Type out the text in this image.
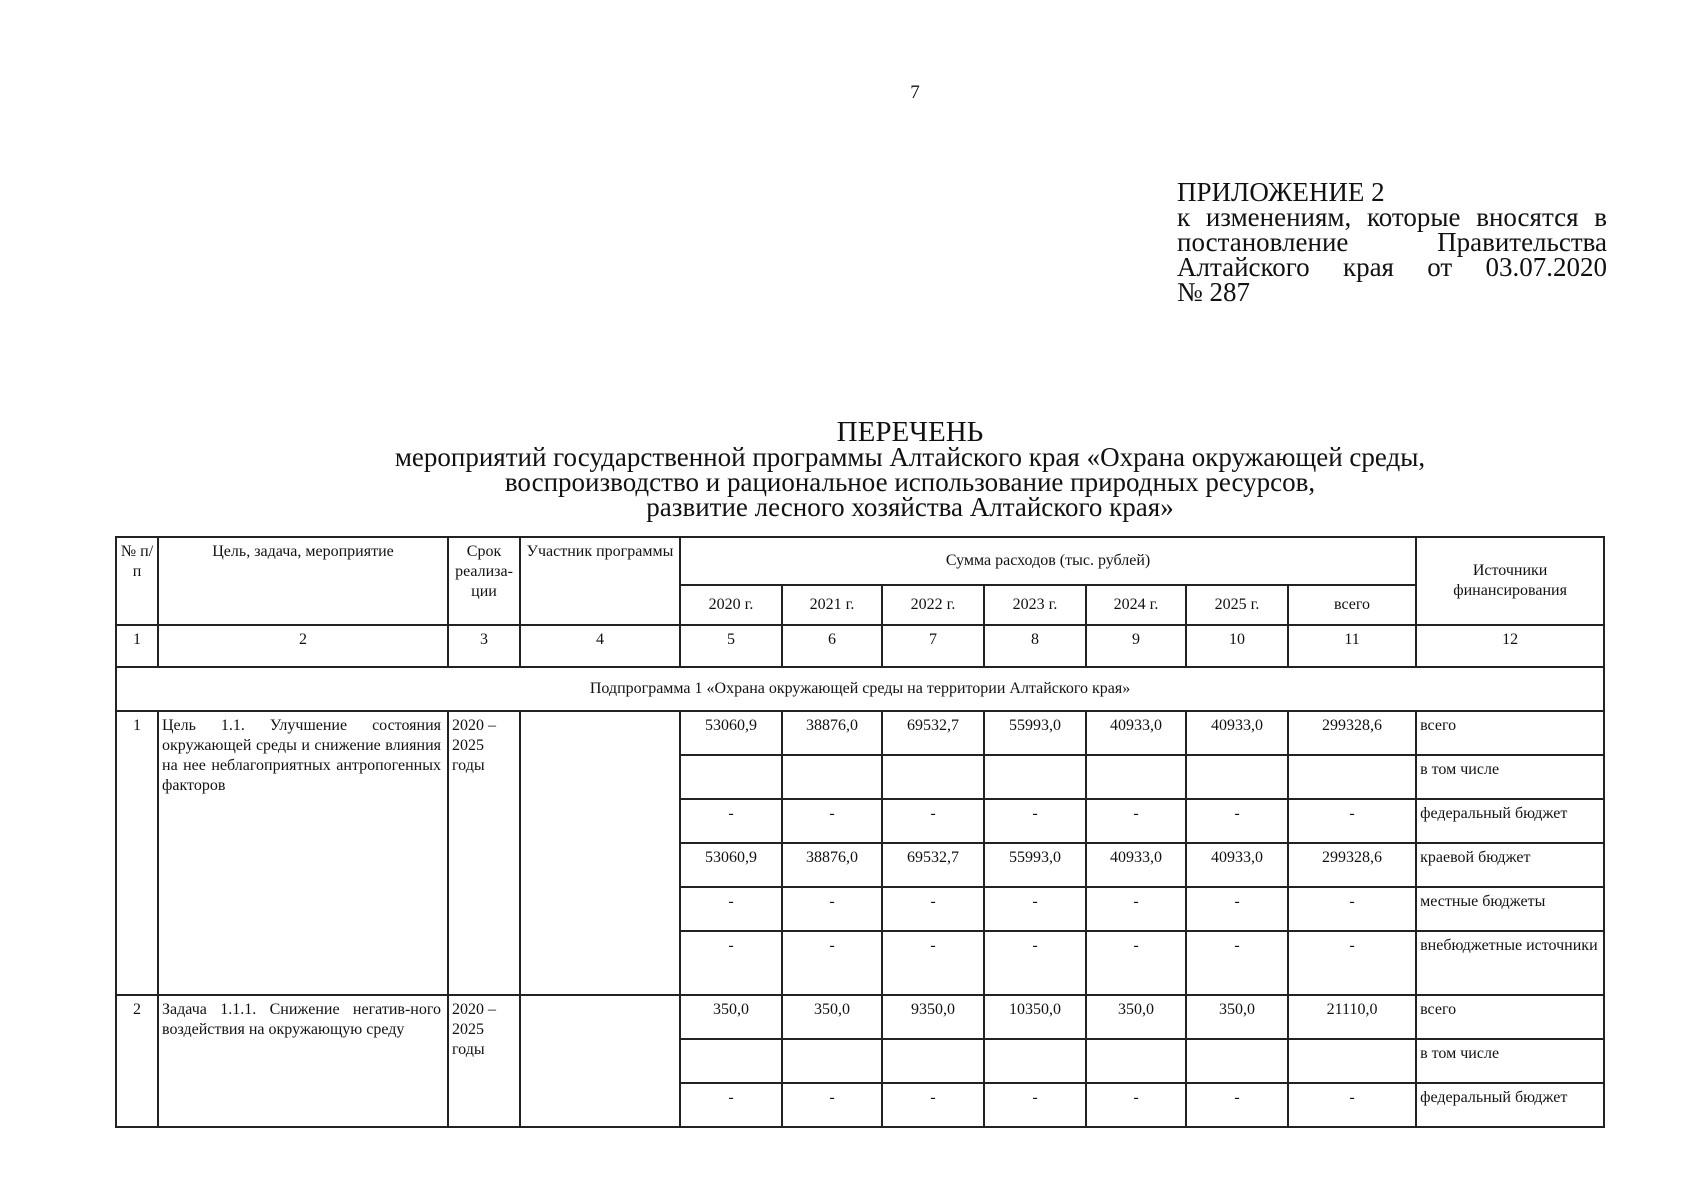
7
ПРИЛОЖЕНИЕ 2
к изменениям, которые вносятся в постановление Правительства Алтайского края от 03.07.2020
№ 287
ПЕРЕЧЕНЬ
мероприятий государственной программы Алтайского края «Охрана окружающей среды,
воспроизводство и рациональное использование природных ресурсов,
развитие лесного хозяйства Алтайского края»
№ п/п	Цель, задача, мероприятие	Срок реализа-ции	Участник программы	Сумма расходов (тыс. рублей)							Источники финансирования
				2020 г.	2021 г.	2022 г.	2023 г.	2024 г.	2025 г.	всего	
1	2	3	4	5	6	7	8	9	10	11	12
Подпрограмма 1 «Охрана окружающей среды на территории Алтайского края»											
1	Цель 1.1. Улучшение состояния окружающей среды и снижение влияния на нее неблагоприятных антропогенных факторов	2020 – 2025 годы		53060,9	38876,0	69532,7	55993,0	40933,0	40933,0	299328,6	всего
											в том числе
				-	-	-	-	-	-	-	федеральный бюджет
				53060,9	38876,0	69532,7	55993,0	40933,0	40933,0	299328,6	краевой бюджет
				-	-	-	-	-	-	-	местные бюджеты
				-	-	-	-	-	-	-	внебюджетные источники
2	Задача 1.1.1. Снижение негатив-ного воздействия на окружающую среду	2020 – 2025 годы		350,0	350,0	9350,0	10350,0	350,0	350,0	21110,0	всего
											в том числе
				-	-	-	-	-	-	-	федеральный бюджет
